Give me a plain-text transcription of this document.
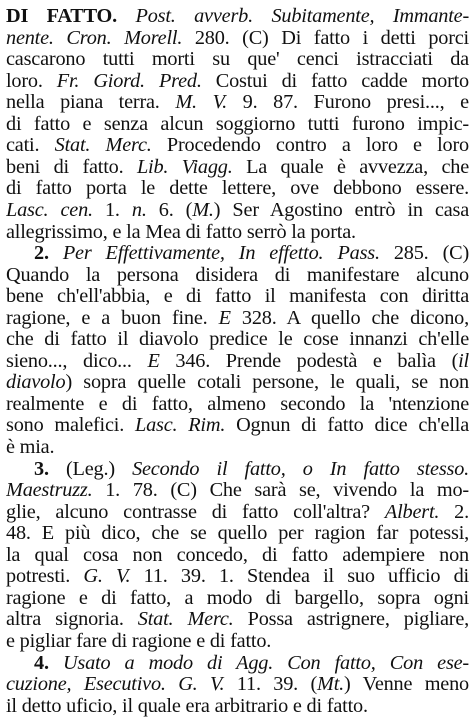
DI FATTO. Post. avverb. Subitamente, Immante-
nente. Cron. Morell. 280. (C) Di fatto i detti porci
cascarono tutti morti su que' cenci istracciati da
loro. Fr. Giord. Pred. Costui di fatto cadde morto
nella piana terra. M. V. 9. 87. Furono presi..., e
di fatto e senza alcun soggiorno tutti furono impic-
cati. Stat. Merc. Procedendo contro a loro e loro
beni di fatto. Lib. Viagg. La quale è avvezza, che
di fatto porta le dette lettere, ove debbono essere.
Lasc. cen. 1. n. 6. (M.) Ser Agostino entrò in casa
allegrissimo, e la Mea di fatto serrò la porta.
2. Per Effettivamente, In effetto. Pass. 285. (C)
Quando la persona disidera di manifestare alcuno
bene ch'ell'abbia, e di fatto il manifesta con diritta
ragione, e a buon fine. E 328. A quello che dicono,
che di fatto il diavolo predice le cose innanzi ch'elle
sieno..., dico... E 346. Prende podestà e balìa (il
diavolo) sopra quelle cotali persone, le quali, se non
realmente e di fatto, almeno secondo la 'ntenzione
sono malefici. Lasc. Rim. Ognun di fatto dice ch'ella
è mia.
3. (Leg.) Secondo il fatto, o In fatto stesso.
Maestruzz. 1. 78. (C) Che sarà se, vivendo la mo-
glie, alcuno contrasse di fatto coll'altra? Albert. 2.
48. E più dico, che se quello per ragion far potessi,
la qual cosa non concedo, di fatto adempiere non
potresti. G. V. 11. 39. 1. Stendea il suo ufficio di
ragione e di fatto, a modo di bargello, sopra ogni
altra signoria. Stat. Merc. Possa astrignere, pigliare,
e pigliar fare di ragione e di fatto.
4. Usato a modo di Agg. Con fatto, Con ese-
cuzione, Esecutivo. G. V. 11. 39. (Mt.) Venne meno
il detto uficio, il quale era arbitrario e di fatto.
